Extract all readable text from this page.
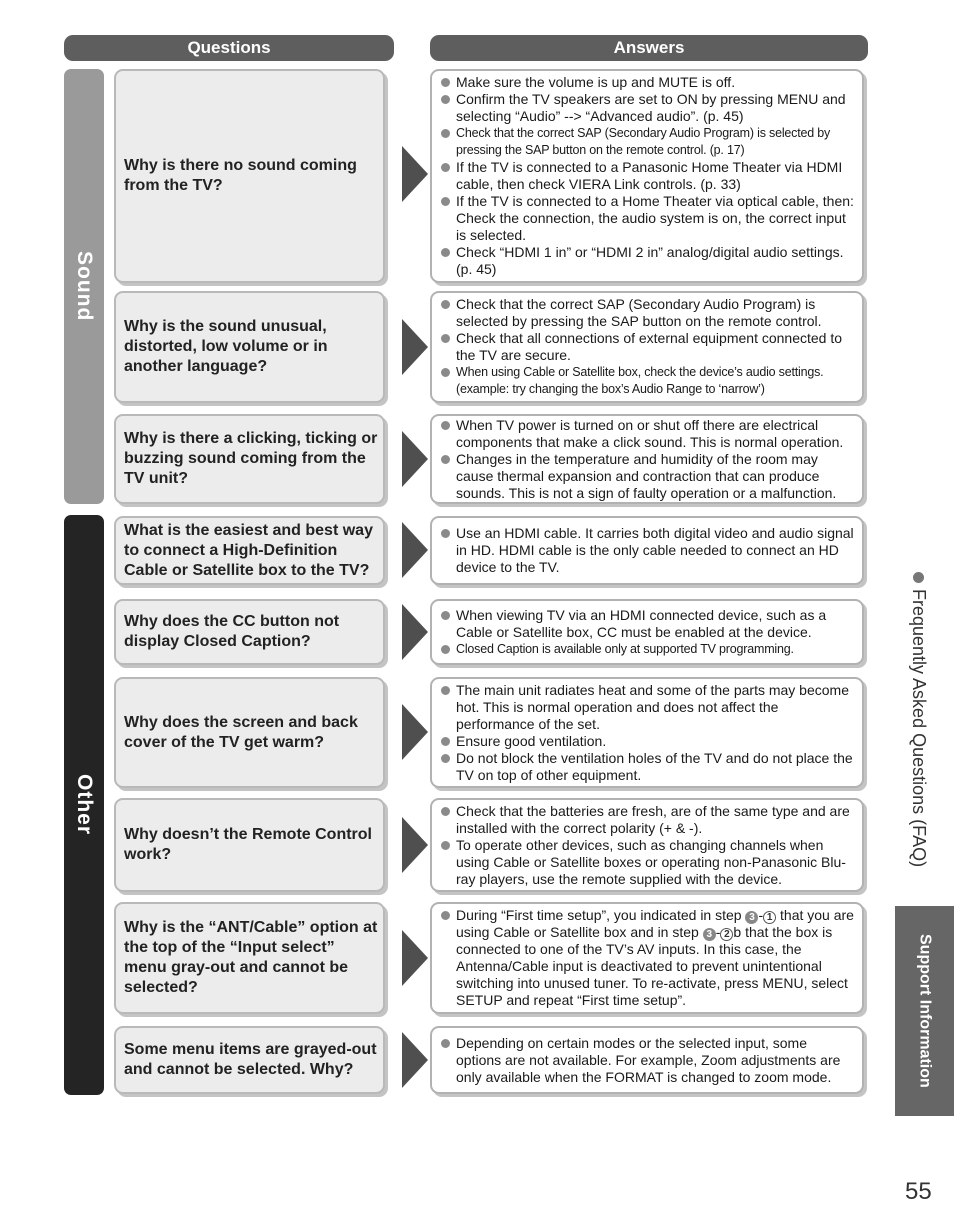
Questions	Answers
Sound
Other
Why is there no sound coming from the TV?
Why is the sound unusual, distorted, low volume or in another language?
Why is there a clicking, ticking or buzzing sound coming from the TV unit?
What is the easiest and best way to connect a High-Definition Cable or Satellite box to the TV?
Why does the CC button not display Closed Caption?
Why does the screen and back cover of the TV get warm?
Why doesn’t the Remote Control work?
Why is the “ANT/Cable” option at the top of the “Input select” menu gray-out and cannot be selected?
Some menu items are grayed-out and cannot be selected. Why?
Make sure the volume is up and MUTE is off.
Confirm the TV speakers are set to ON by pressing MENU and selecting “Audio” --> “Advanced audio”. (p. 45)
Check that the correct SAP (Secondary Audio Program) is selected by pressing the SAP button on the remote control. (p. 17)
If the TV is connected to a Panasonic Home Theater via HDMI cable, then check VIERA Link controls. (p. 33)
If the TV is connected to a Home Theater via optical cable, then: Check the connection, the audio system is on, the correct input is selected.
Check “HDMI 1 in” or “HDMI 2 in” analog/digital audio settings. (p. 45)
Check that the correct SAP (Secondary Audio Program) is selected by pressing the SAP button on the remote control.
Check that all connections of external equipment connected to the TV are secure.
When using Cable or Satellite box, check the device’s audio settings. (example: try changing the box’s Audio Range to ‘narrow’)
When TV power is turned on or shut off there are electrical components that make a click sound. This is normal operation.
Changes in the temperature and humidity of the room may cause thermal expansion and contraction that can produce sounds. This is not a sign of faulty operation or a malfunction.
Use an HDMI cable. It carries both digital video and audio signal in HD. HDMI cable is the only cable needed to connect an HD device to the TV.
When viewing TV via an HDMI connected device, such as a Cable or Satellite box, CC must be enabled at the device.
Closed Caption is available only at supported TV programming.
The main unit radiates heat and some of the parts may become hot. This is normal operation and does not affect the performance of the set.
Ensure good ventilation.
Do not block the ventilation holes of the TV and do not place the TV on top of other equipment.
Check that the batteries are fresh, are of the same type and are installed with the correct polarity (+ & -).
To operate other devices, such as changing channels when using Cable or Satellite boxes or operating non-Panasonic Blu-ray players, use the remote supplied with the device.
During “First time setup”, you indicated in step 3 - 1 that you are using Cable or Satellite box and in step 3 - 2 b that the box is connected to one of the TV’s AV inputs. In this case, the Antenna/Cable input is deactivated to prevent unintentional switching into unused tuner. To re-activate, press MENU, select SETUP and repeat “First time setup”.
Depending on certain modes or the selected input, some options are not available. For example, Zoom adjustments are only available when the FORMAT is changed to zoom mode.
Frequently Asked Questions (FAQ)
Support Information
55
